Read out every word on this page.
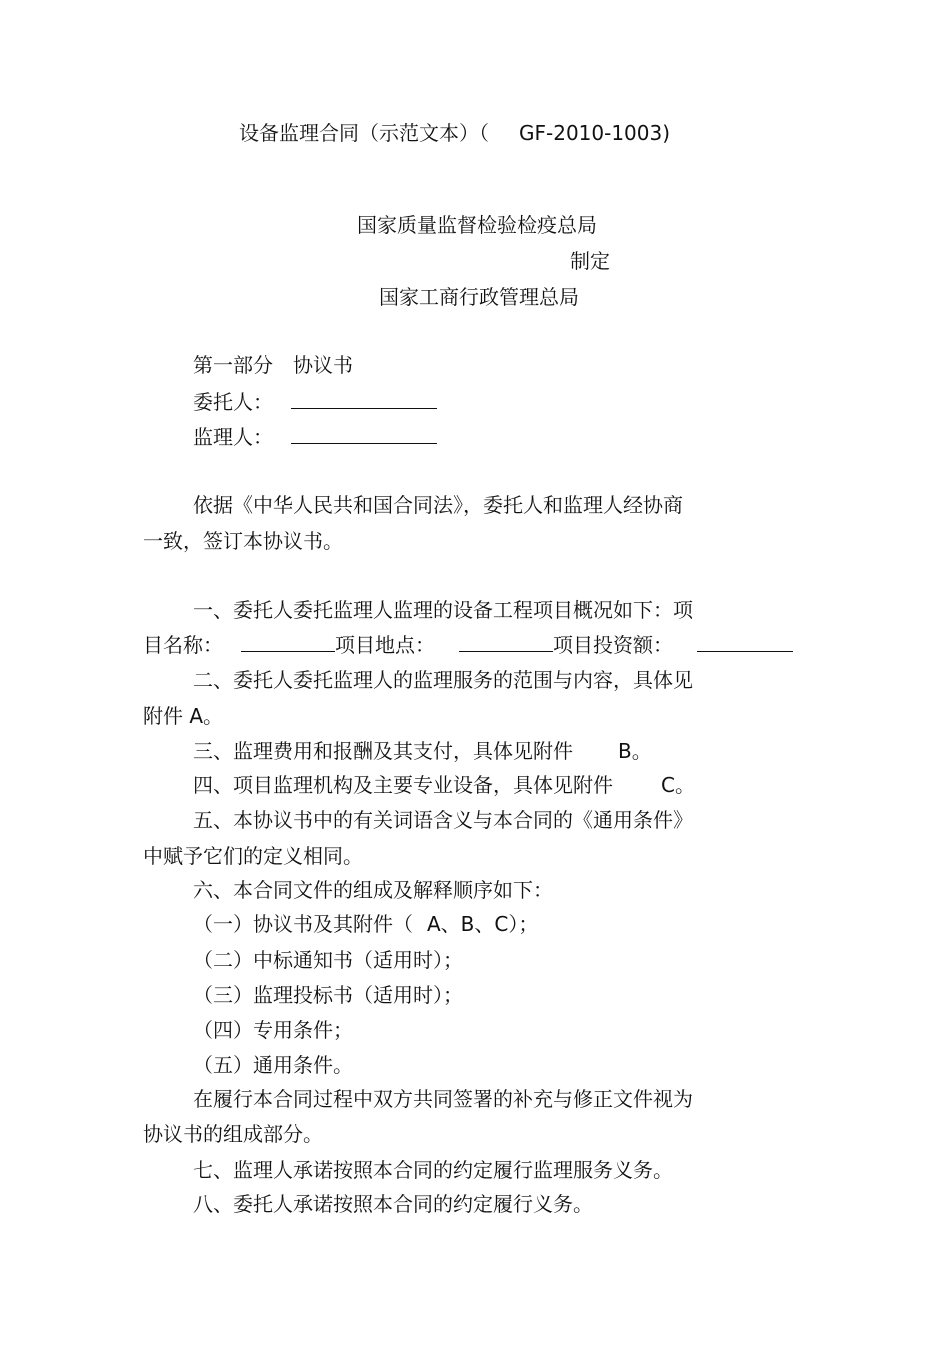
设备监理合同（示范文本）（ GF-2010-1003)
国家质量监督检验检疫总局
制定
国家工商行政管理总局
第一部分 协议书
委托人：
监理人：
依据《中华人民共和国合同法》，委托人和监理人经协商
一致，签订本协议书。
一、委托人委托监理人监理的设备工程项目概况如下：项
目名称：	项目地点：	项目投资额：
二、委托人委托监理人的监理服务的范围与内容，具体见
附件 A。
三、监理费用和报酬及其支付，具体见附件 B。
四、项目监理机构及主要专业设备，具体见附件 C。
五、本协议书中的有关词语含义与本合同的《通用条件》
中赋予它们的定义相同。
六、本合同文件的组成及解释顺序如下：
（一）协议书及其附件（ A、B、C）；
（二）中标通知书（适用时）；
（三）监理投标书（适用时）；
（四）专用条件；
（五）通用条件。
在履行本合同过程中双方共同签署的补充与修正文件视为
协议书的组成部分。
七、监理人承诺按照本合同的约定履行监理服务义务。
八、委托人承诺按照本合同的约定履行义务。
